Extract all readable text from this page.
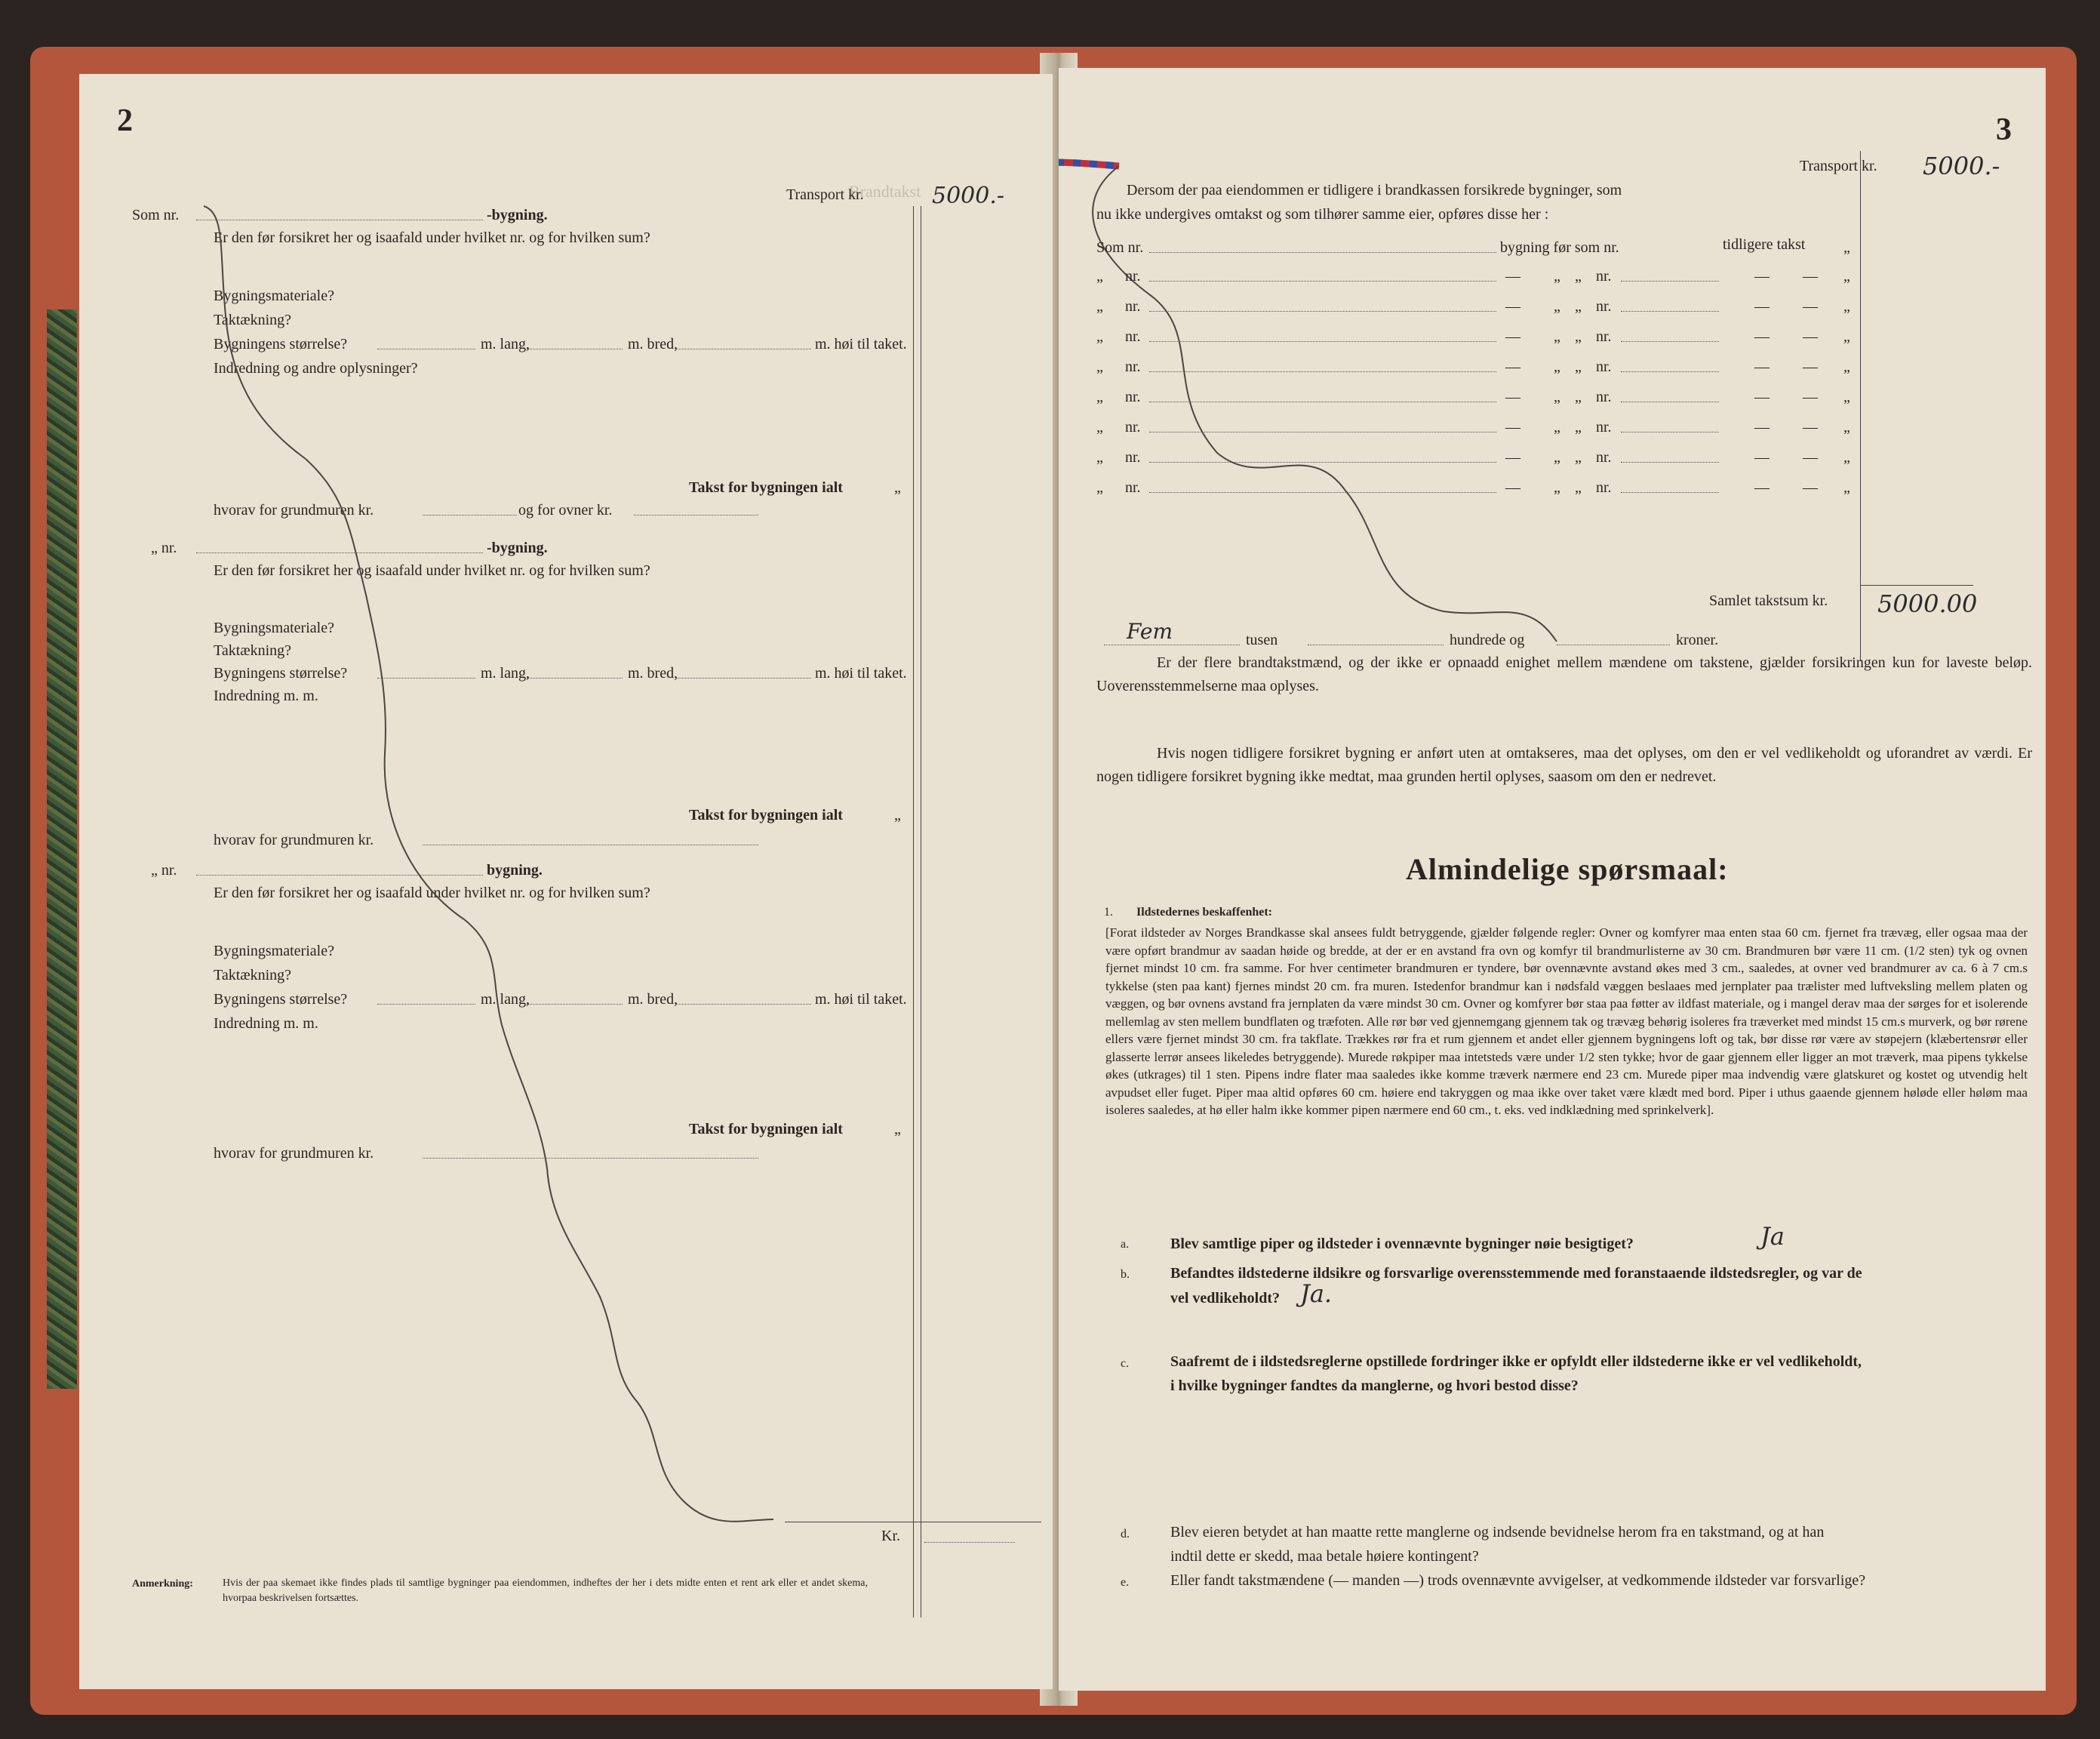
2
Brandtakst
Transport kr.	5000.-
Som nr.	-bygning.
Er den før forsikret her og isaafald under hvilket nr. og for hvilken sum?
Bygningsmateriale?
Taktækning?
Bygningens størrelse?	m. lang,	m. bred,	m. høi til taket.
Indredning og andre oplysninger?
Takst for bygningen ialt	„
hvorav for grundmuren kr.	og for ovner kr.
„ nr.	-bygning.
Er den før forsikret her og isaafald under hvilket nr. og for hvilken sum?
Bygningsmateriale?
Taktækning?
Bygningens størrelse?	m. lang,	m. bred,	m. høi til taket.
Indredning m. m.
Takst for bygningen ialt	„
hvorav for grundmuren kr.
„ nr.	bygning.
Er den før forsikret her og isaafald under hvilket nr. og for hvilken sum?
Bygningsmateriale?
Taktækning?
Bygningens størrelse?	m. lang,	m. bred,	m. høi til taket.
Indredning m. m.
Takst for bygningen ialt	„
hvorav for grundmuren kr.
Kr.
Anmerkning:	Hvis der paa skemaet ikke findes plads til samtlige bygninger paa eiendommen, indheftes der her i dets midte enten et rent ark eller et andet skema, hvorpaa beskrivelsen fortsættes.
3
Transport kr. 5000.-
Dersom der paa eiendommen er tidligere i brandkassen forsikrede bygninger, som
nu ikke undergives omtakst og som tilhører samme eier, opføres disse her :
Som nr.	bygning før som nr.	tidligere takst	„
„ nr.	— „ „ nr.	— — „
„ nr.	— „ „ nr.	— — „
„ nr.	— „ „ nr.	— — „
„ nr.	— „ „ nr.	— — „
„ nr.	— „ „ nr.	— — „
„ nr.	— „ „ nr.	— — „
„ nr.	— „ „ nr.	— — „
„ nr.	— „ „ nr.	— — „
Samlet takstsum kr. 5000.00
Fem	tusen	hundrede og	kroner.
Er der flere brandtakstmænd, og der ikke er opnaadd enighet mellem mændene om takstene, gjælder forsikringen kun for laveste beløp. Uoverensstemmelserne maa oplyses.
Hvis nogen tidligere forsikret bygning er anført uten at omtakseres, maa det oplyses, om den er vel vedlikeholdt og uforandret av værdi. Er nogen tidligere forsikret bygning ikke medtat, maa grunden hertil oplyses, saasom om den er nedrevet.
Almindelige spørsmaal:
1. Ildstedernes beskaffenhet:
[Forat ildsteder av Norges Brandkasse skal ansees fuldt betryggende, gjælder følgende regler: Ovner og komfyrer maa enten staa 60 cm. fjernet fra trævæg, eller ogsaa maa der være opført brandmur av saadan høide og bredde, at der er en avstand fra ovn og komfyr til brandmurlisterne av 30 cm. Brandmuren bør være 11 cm. (1/2 sten) tyk og ovnen fjernet mindst 10 cm. fra samme. For hver centimeter brandmuren er tyndere, bør ovennævnte avstand økes med 3 cm., saaledes, at ovner ved brandmurer av ca. 6 à 7 cm.s tykkelse (sten paa kant) fjernes mindst 20 cm. fra muren. Istedenfor brandmur kan i nødsfald væggen beslaaes med jernplater paa trælister med luftveksling mellem platen og væggen, og bør ovnens avstand fra jernplaten da være mindst 30 cm. Ovner og komfyrer bør staa paa føtter av ildfast materiale, og i mangel derav maa der sørges for et isolerende mellemlag av sten mellem bundflaten og træfoten. Alle rør bør ved gjennemgang gjennem tak og trævæg behørig isoleres fra træverket med mindst 15 cm.s murverk, og bør rørene ellers være fjernet mindst 30 cm. fra takflate. Trækkes rør fra et rum gjennem et andet eller gjennem bygningens loft og tak, bør disse rør være av støpejern (klæbertensrør eller glasserte lerrør ansees likeledes betryggende). Murede røkpiper maa intetsteds være under 1/2 sten tykke; hvor de gaar gjennem eller ligger an mot træverk, maa pipens tykkelse økes (utkrages) til 1 sten. Pipens indre flater maa saaledes ikke komme træverk nærmere end 23 cm. Murede piper maa indvendig være glatskuret og kostet og utvendig helt avpudset eller fuget. Piper maa altid opføres 60 cm. høiere end takryggen og maa ikke over taket være klædt med bord. Piper i uthus gaaende gjennem høløde eller høløm maa isoleres saaledes, at hø eller halm ikke kommer pipen nærmere end 60 cm., t. eks. ved indklædning med sprinkelverk].
a.	Blev samtlige piper og ildsteder i ovennævnte bygninger nøie besigtiget?	Ja
b.	Befandtes ildstederne ildsikre og forsvarlige overensstemmende med foranstaaende ildstedsregler, og var de
vel vedlikeholdt? Ja.
c.	Saafremt de i ildstedsreglerne opstillede fordringer ikke er opfyldt eller ildstederne ikke er vel vedlikeholdt,
i hvilke bygninger fandtes da manglerne, og hvori bestod disse?
d.	Blev eieren betydet at han maatte rette manglerne og indsende bevidnelse herom fra en takstmand, og at han
indtil dette er skedd, maa betale høiere kontingent?
e.	Eller fandt takstmændene (— manden —) trods ovennævnte avvigelser, at vedkommende ildsteder var forsvarlige?
